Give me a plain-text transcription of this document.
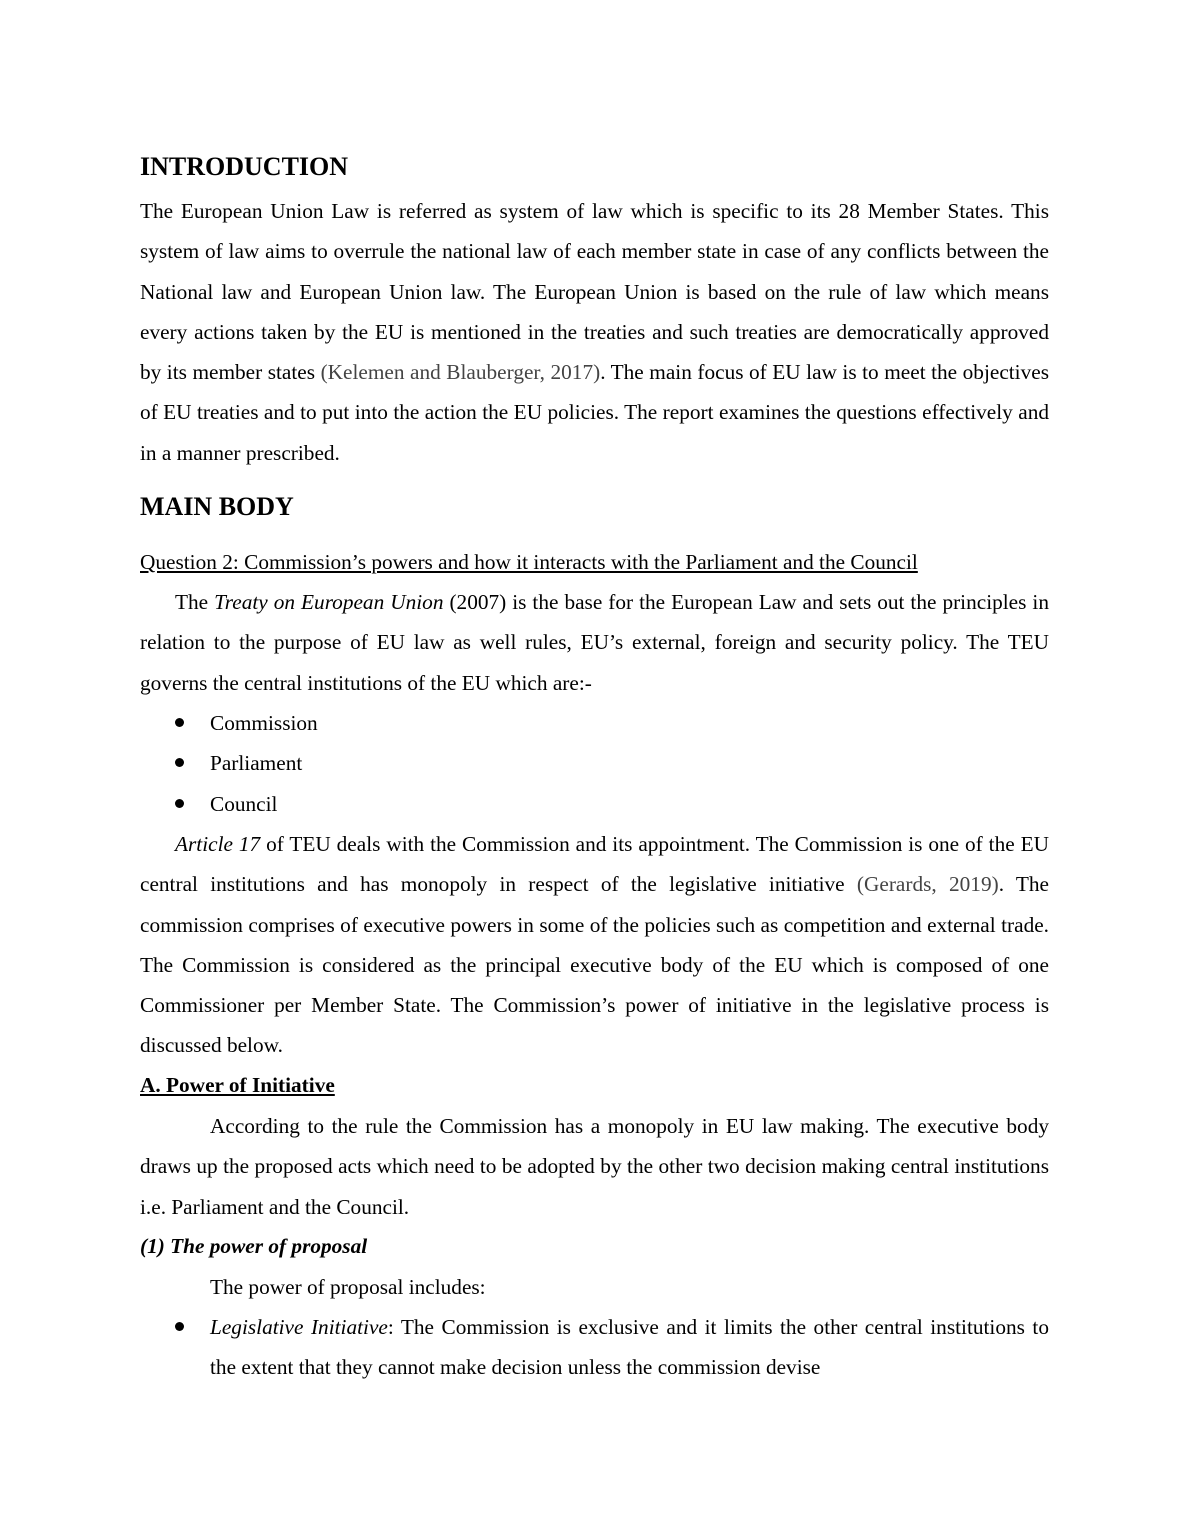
INTRODUCTION

The European Union Law is referred as system of law which is specific to its 28 Member States. This system of law aims to overrule the national law of each member state in case of any conflicts between the National law and European Union law. The European Union is based on the rule of law which means every actions taken by the EU is mentioned in the treaties and such treaties are democratically approved by its member states (Kelemen and Blauberger, 2017). The main focus of EU law is to meet the objectives of EU treaties and to put into the action the EU policies. The report examines the questions effectively and in a manner prescribed.

MAIN BODY
Question 2: Commission’s powers and how it interacts with the Parliament and the Council

The Treaty on European Union (2007) is the base for the European Law and sets out the principles in relation to the purpose of EU law as well rules, EU’s external, foreign and security policy. The TEU governs the central institutions of the EU which are:-

Commission
Parliament
Council

Article 17 of TEU deals with the Commission and its appointment. The Commission is one of the EU central institutions and has monopoly in respect of the legislative initiative (Gerards, 2019). The commission comprises of executive powers in some of the policies such as competition and external trade. The Commission is considered as the principal executive body of the EU which is composed of one Commissioner per Member State. The Commission’s power of initiative in the legislative process is discussed below.

A. Power of Initiative

According to the rule the Commission has a monopoly in EU law making. The executive body draws up the proposed acts which need to be adopted by the other two decision making central institutions i.e. Parliament and the Council.

(1) The power of proposal
The power of proposal includes:
Legislative Initiative: The Commission is exclusive and it limits the other central institutions to the extent that they cannot make decision unless the commission devise
